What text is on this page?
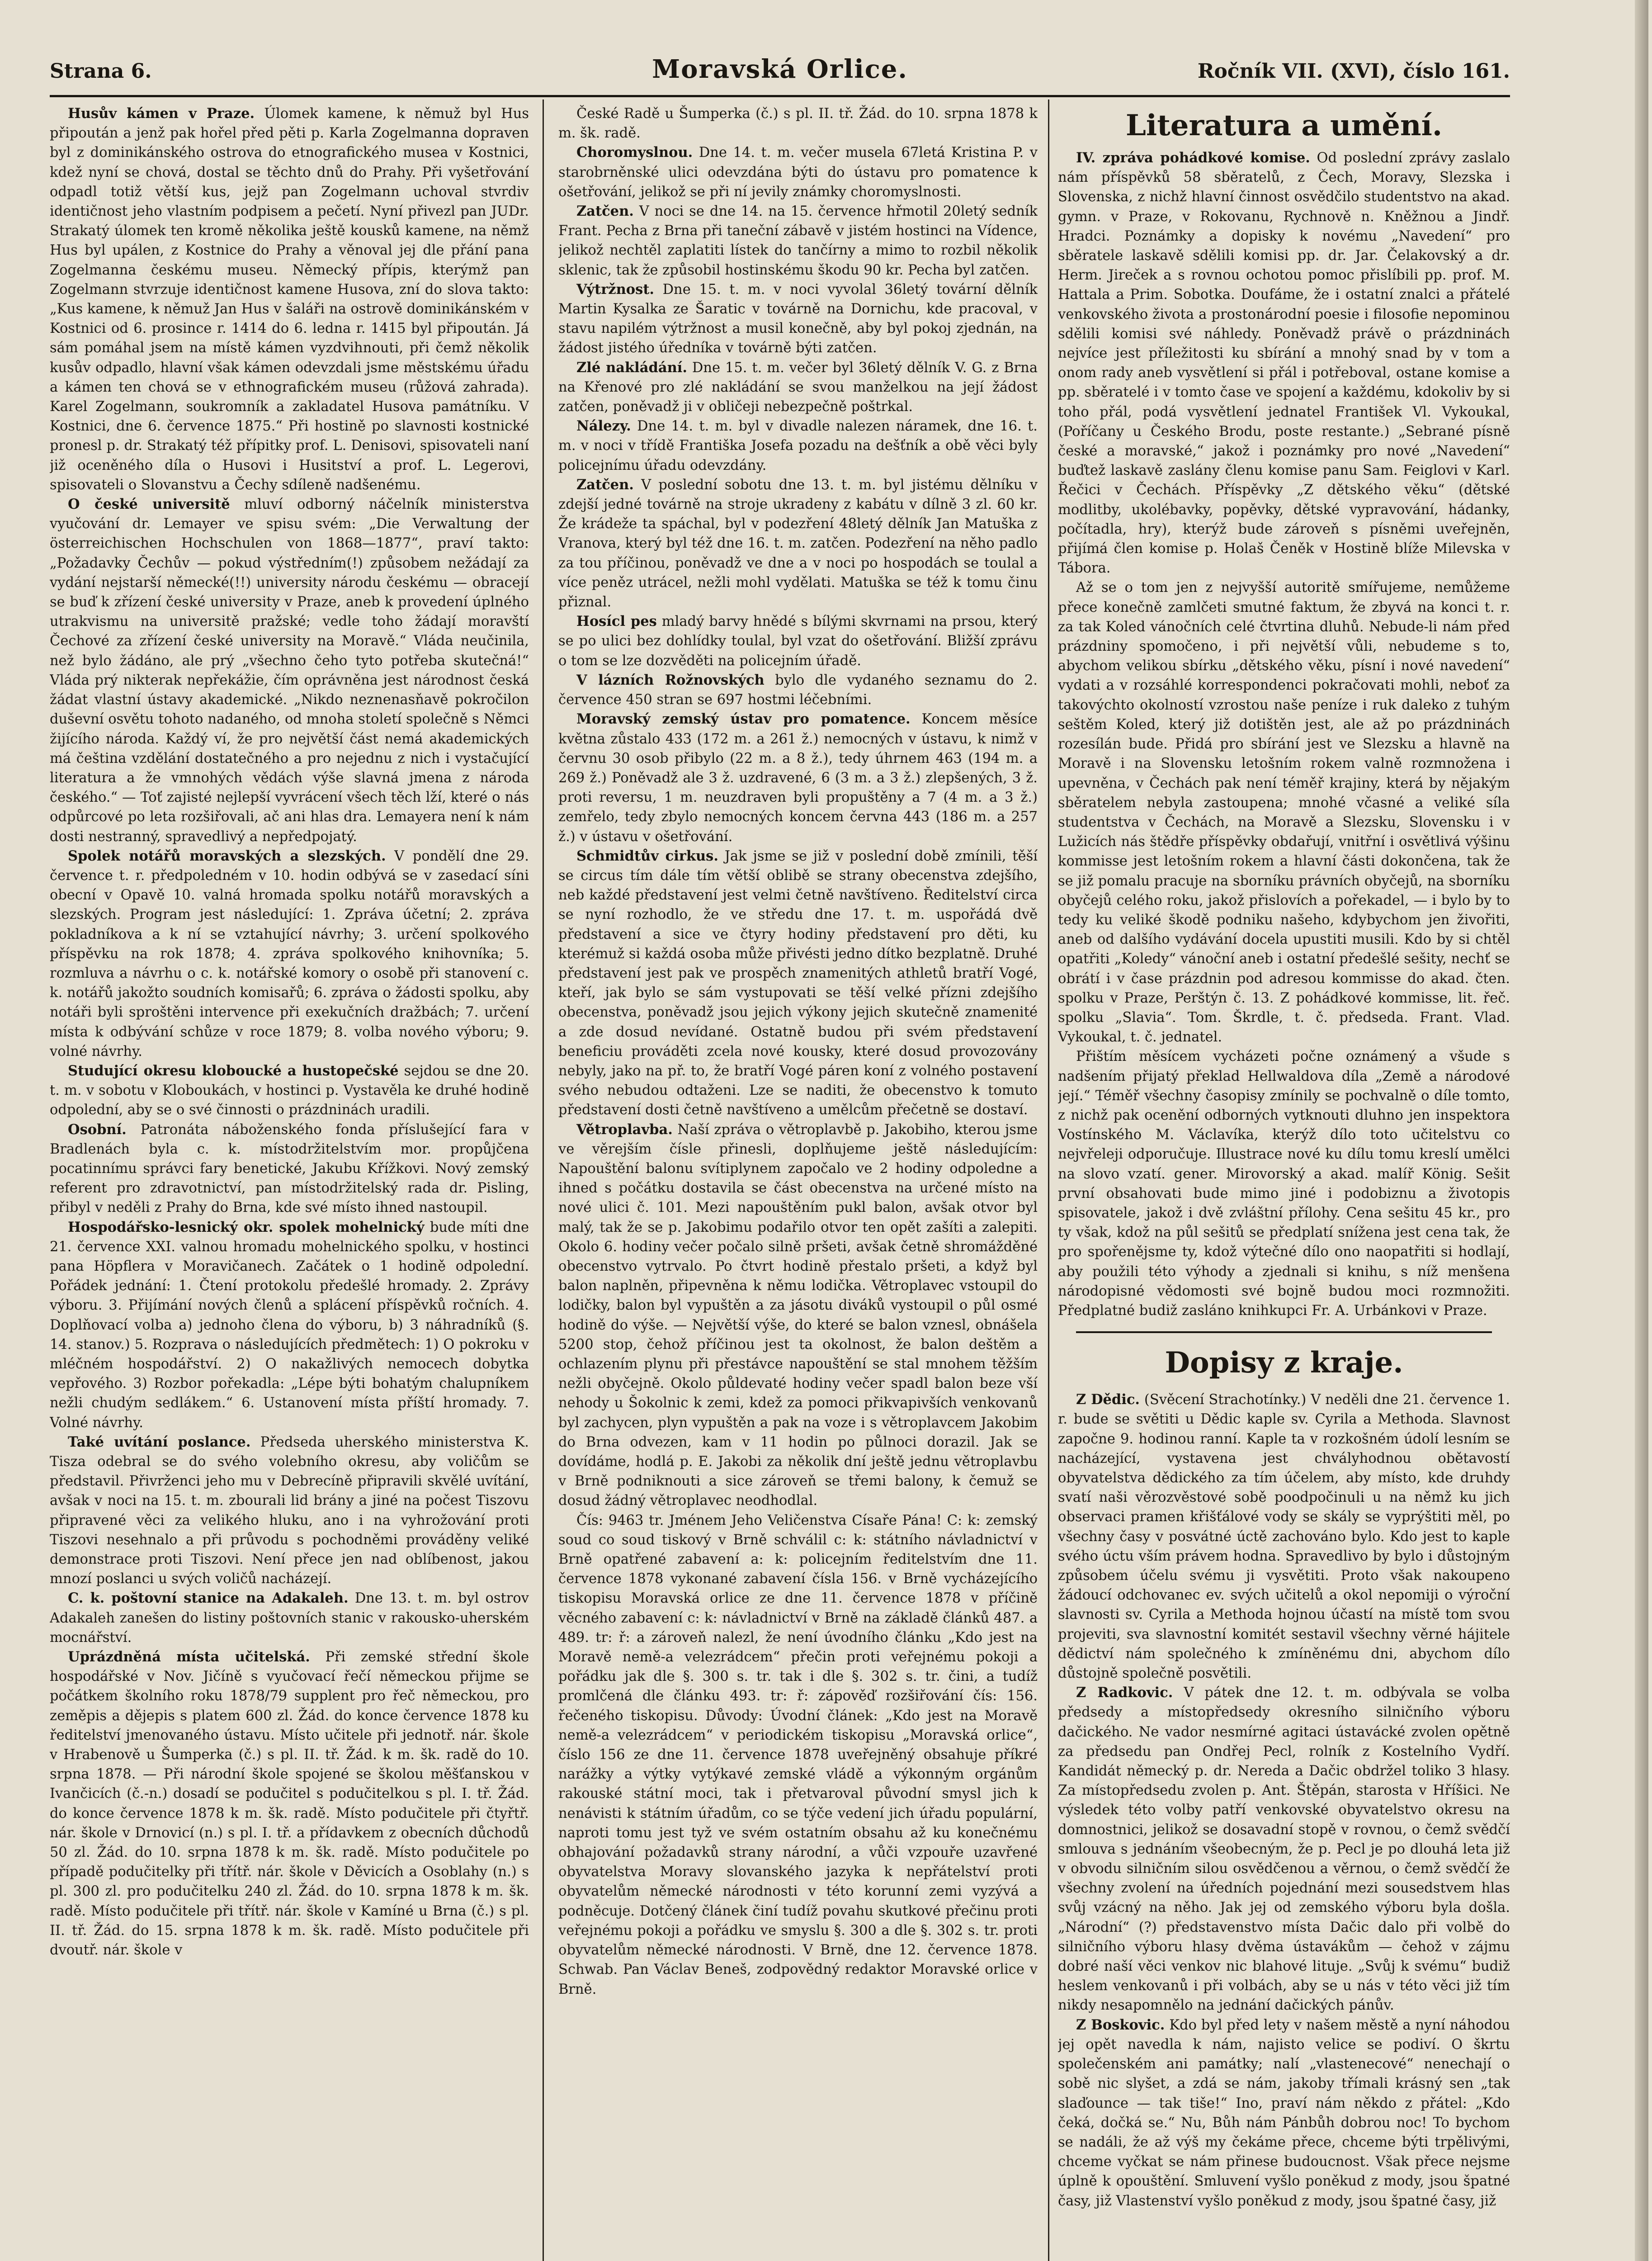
Strana 6.	Moravská Orlice.	Ročník VII. (XVI), číslo 161.

Husův kámen v Praze. Úlomek kamene, k němuž byl Hus připoután a jenž pak hořel před pěti p. Karla Zogelmanna dopraven byl z dominikánského ostrova do etnografického musea v Kostnici, kdež nyní se chová, dostal se těchto dnů do Prahy. Při vyšetřování odpadl totiž větší kus, jejž pan Zogelmann uchoval stvrdiv identičnost jeho vlastním podpisem a pečetí. Nyní přivezl pan JUDr. Strakatý úlomek ten kromě několika ještě kousků kamene, na němž Hus byl upálen, z Kostnice do Prahy a věnoval jej dle přání pana Zogelmanna českému museu. Německý přípis, kterýmž pan Zogelmann stvrzuje identičnost kamene Husova, zní do slova takto: „Kus kamene, k němuž Jan Hus v šaláři na ostrově dominikánském v Kostnici od 6. prosince r. 1414 do 6. ledna r. 1415 byl připoután. Já sám pomáhal jsem na místě kámen vyzdvihnouti, při čemž několik kusův odpadlo, hlavní však kámen odevzdali jsme městskému úřadu a kámen ten chová se v ethnografickém museu (růžová zahrada). Karel Zogelmann, soukromník a zakladatel Husova památníku. V Kostnici, dne 6. července 1875.“ Při hostině po slavnosti kostnické pronesl p. dr. Strakatý též přípitky prof. L. Denisovi, spisovateli naní již oceněného díla o Husovi i Husitství a prof. L. Legerovi, spisovateli o Slovanstvu a Čechy sdíleně nadšenému.

O české universitě mluví odborný náčelník ministerstva vyučování dr. Lemayer ve spisu svém: „Die Verwaltung der österreichischen Hochschulen von 1868—1877“, praví takto: „Požadavky Čechův — pokud výstředním(!) způsobem nežádají za vydání nejstarší německé(!!) university národu českému — obracejí se buď k zřízení české university v Praze, aneb k provedení úplného utrakvismu na universitě pražské; vedle toho žádají moravští Čechové za zřízení české university na Moravě.“ Vláda neučinila, než bylo žádáno, ale prý „všechno čeho tyto potřeba skutečná!“ Vláda prý nikterak nepřekážie, čím oprávněna jest národnost česká žádat vlastní ústavy akademické. „Nikdo neznenasňavě pokročilon duševní osvětu tohoto nadaného, od mnoha století společně s Němci žijícího národa. Každý ví, že pro největší část nemá akademických má čeština vzdělání dostatečného a pro nejednu z nich i vystačující literatura a že vmnohých vědách výše slavná jmena z národa českého.“ — Toť zajisté nejlepší vyvrácení všech těch lží, které o nás odpůrcové po leta rozšiřovali, ač ani hlas dra. Lemayera není k nám dosti nestranný, spravedlivý a nepředpojatý.

Spolek notářů moravských a slezských. V pondělí dne 29. července t. r. předpoledném v 10. hodin odbývá se v zasedací síni obecní v Opavě 10. valná hromada spolku notářů moravských a slezských. Program jest následující: 1. Zpráva účetní; 2. zpráva pokladníkova a k ní se vztahující návrhy; 3. určení spolkového příspěvku na rok 1878; 4. zpráva spolkového knihovníka; 5. rozmluva a návrhu o c. k. notářské komory o osobě při stanovení c. k. notářů jakožto soudních komisařů; 6. zpráva o žádosti spolku, aby notáři byli sproštěni intervence při exekučních dražbách; 7. určení místa k odbývání schůze v roce 1879; 8. volba nového výboru; 9. volné návrhy.

Studující okresu kloboucké a hustopečské sejdou se dne 20. t. m. v sobotu v Kloboukách, v hostinci p. Vystavěla ke druhé hodině odpolední, aby se o své činnosti o prázdninách uradili.

Osobní. Patronáta náboženského fonda příslušející fara v Bradlenách byla c. k. místodržitelstvím mor. propůjčena pocatinnímu správci fary benetické, Jakubu Křížkovi. Nový zemský referent pro zdravotnictví, pan místodržitelský rada dr. Pisling, přibyl v neděli z Prahy do Brna, kde své místo ihned nastoupil.

Hospodářsko-lesnický okr. spolek mohelnický bude míti dne 21. července XXI. valnou hromadu mohelnického spolku, v hostinci pana Höpflera v Moravičanech. Začátek o 1 hodině odpolední. Pořádek jednání: 1. Čtení protokolu předešlé hromady. 2. Zprávy výboru. 3. Přijímání nových členů a splácení příspěvků ročních. 4. Doplňovací volba a) jednoho člena do výboru, b) 3 náhradníků (§. 14. stanov.) 5. Rozprava o následujících předmětech: 1) O pokroku v mléčném hospodářství. 2) O nakažlivých nemocech dobytka vepřového. 3) Rozbor pořekadla: „Lépe býti bohatým chalupníkem nežli chudým sedlákem.“ 6. Ustanovení místa příští hromady. 7. Volné návrhy.

Také uvítání poslance. Předseda uherského ministerstva K. Tisza odebral se do svého volebního okresu, aby voličům se představil. Přivrženci jeho mu v Debrecíně připravili skvělé uvítání, avšak v noci na 15. t. m. zbourali lid brány a jiné na počest Tiszovu připravené věci za velikého hluku, ano i na vyhrožování proti Tiszovi nesehnalo a při průvodu s pochodněmi prováděny veliké demonstrace proti Tiszovi. Není přece jen nad oblíbenost, jakou mnozí poslanci u svých voličů nacházejí.

C. k. poštovní stanice na Adakaleh. Dne 13. t. m. byl ostrov Adakaleh zanešen do listiny poštovních stanic v rakousko-uherském mocnářství.

Uprázdněná místa učitelská. Při zemské střední škole hospodářské v Nov. Jičíně s vyučovací řečí německou přijme se počátkem školního roku 1878/79 supplent pro řeč německou, pro zeměpis a dějepis s platem 600 zl. Žád. do konce července 1878 ku ředitelství jmenovaného ústavu. Místo učitele při jednotř. nár. škole v Hrabenově u Šumperka (č.) s pl. II. tř. Žád. k m. šk. radě do 10. srpna 1878. — Při národní škole spojené se školou měšťanskou v Ivančicích (č.-n.) dosadí se podučitel s podučitelkou s pl. I. tř. Žád. do konce července 1878 k m. šk. radě. Místo podučitele při čtyřtř. nár. škole v Drnovicí (n.) s pl. I. tř. a přídavkem z obecních důchodů 50 zl. Žád. do 10. srpna 1878 k m. šk. radě. Místo podučitele po případě podučitelky při třítř. nár. škole v Děvicích a Osoblahy (n.) s pl. 300 zl. pro podučitelku 240 zl. Žád. do 10. srpna 1878 k m. šk. radě. Místo podučitele při třítř. nár. škole v Kamíné u Brna (č.) s pl. II. tř. Žád. do 15. srpna 1878 k m. šk. radě. Místo podučitele při dvoutř. nár. škole v

České Radě u Šumperka (č.) s pl. II. tř. Žád. do 10. srpna 1878 k m. šk. radě.

Choromyslnou. Dne 14. t. m. večer musela 67letá Kristina P. v starobrněnské ulici odevzdána býti do ústavu pro pomatence k ošetřování, jelikož se při ní jevily známky choromyslnosti.

Zatčen. V noci se dne 14. na 15. července hřmotil 20letý sedník Frant. Pecha z Brna při taneční zábavě v jistém hostinci na Vídence, jelikož nechtěl zaplatiti lístek do tančírny a mimo to rozbil několik sklenic, tak že způsobil hostinskému škodu 90 kr. Pecha byl zatčen.

Výtržnost. Dne 15. t. m. v noci vyvolal 36letý tovární dělník Martin Kysalka ze Šaratic v továrně na Dornichu, kde pracoval, v stavu napilém výtržnost a musil konečně, aby byl pokoj zjednán, na žádost jistého úředníka v továrně býti zatčen.

Zlé nakládání. Dne 15. t. m. večer byl 36letý dělník V. G. z Brna na Křenové pro zlé nakládání se svou manželkou na její žádost zatčen, poněvadž ji v obličeji nebezpečně poštrkal.

Nálezy. Dne 14. t. m. byl v divadle nalezen náramek, dne 16. t. m. v noci v třídě Františka Josefa pozadu na dešťník a obě věci byly policejnímu úřadu odevzdány.

Zatčen. V poslední sobotu dne 13. t. m. byl jistému dělníku v zdejší jedné továrně na stroje ukradeny z kabátu v dílně 3 zl. 60 kr. Že krádeže ta spáchal, byl v podezření 48letý dělník Jan Matuška z Vranova, který byl též dne 16. t. m. zatčen. Podezření na něho padlo za tou příčinou, poněvadž ve dne a v noci po hospodách se toulal a více peněz utrácel, nežli mohl vydělati. Matuška se též k tomu činu přiznal.

Hosícl pes mladý barvy hnědé s bílými skvrnami na prsou, který se po ulici bez dohlídky toulal, byl vzat do ošetřování. Bližší zprávu o tom se lze dozvěděti na policejním úřadě.

V lázních Rožnovských bylo dle vydaného seznamu do 2. července 450 stran se 697 hostmi léčebními.

Moravský zemský ústav pro pomatence. Koncem měsíce května zůstalo 433 (172 m. a 261 ž.) nemocných v ústavu, k nimž v červnu 30 osob přibylo (22 m. a 8 ž.), tedy úhrnem 463 (194 m. a 269 ž.) Poněvadž ale 3 ž. uzdravené, 6 (3 m. a 3 ž.) zlepšených, 3 ž. proti reversu, 1 m. neuzdraven byli propuštěny a 7 (4 m. a 3 ž.) zemřelo, tedy zbylo nemocných koncem června 443 (186 m. a 257 ž.) v ústavu v ošetřování.

Schmidtův cirkus. Jak jsme se již v poslední době zmínili, těší se circus tím dále tím větší oblibě se strany obecenstva zdejšího, neb každé představení jest velmi četně navštíveno. Ředitelství circa se nyní rozhodlo, že ve středu dne 17. t. m. uspořádá dvě představení a sice ve čtyry hodiny představení pro děti, ku kterémuž si každá osoba může přivésti jedno dítko bezplatně. Druhé představení jest pak ve prospěch znamenitých athletů bratří Vogé, kteří, jak bylo se sám vystupovati se těší velké přízni zdejšího obecenstva, poněvadž jsou jejich výkony jejich skutečně znamenité a zde dosud nevídané. Ostatně budou při svém představení beneficiu prováděti zcela nové kousky, které dosud provozovány nebyly, jako na př. to, že bratří Vogé páren koní z volného postavení svého nebudou odtaženi. Lze se naditi, že obecenstvo k tomuto představení dosti četně navštíveno a umělcům přečetně se dostaví.

Větroplavba. Naší zpráva o větroplavbě p. Jakobiho, kterou jsme ve věrejším čísle přinesli, doplňujeme ještě následujícím: Napouštění balonu svítiplynem započalo ve 2 hodiny odpoledne a ihned s počátku dostavila se část obecenstva na určené místo na nové ulici č. 101. Mezi napouštěním pukl balon, avšak otvor byl malý, tak že se p. Jakobimu podařilo otvor ten opět zašíti a zalepiti. Okolo 6. hodiny večer počalo silně pršeti, avšak četně shromážděné obecenstvo vytrvalo. Po čtvrt hodině přestalo pršeti, a když byl balon naplněn, připevněna k němu lodička. Větroplavec vstoupil do lodičky, balon byl vypuštěn a za jásotu diváků vystoupil o půl osmé hodině do výše. — Největší výše, do které se balon vznesl, obnášela 5200 stop, čehož příčinou jest ta okolnost, že balon deštěm a ochlazením plynu při přestávce napouštění se stal mnohem těžším nežli obyčejně. Okolo půldevaté hodiny večer spadl balon beze vší nehody u Šokolnic k zemi, kdež za pomoci přikvapivších venkovanů byl zachycen, plyn vypuštěn a pak na voze i s větroplavcem Jakobim do Brna odvezen, kam v 11 hodin po půlnoci dorazil. Jak se dovídáme, hodlá p. E. Jakobi za několik dní ještě jednu větroplavbu v Brně podniknouti a sice zároveň se třemi balony, k čemuž se dosud žádný větroplavec neodhodlal.

Čís: 9463 tr. Jménem Jeho Veličenstva Císaře Pána! C: k: zemský soud co soud tiskový v Brně schválil c: k: státního návladnictví v Brně opatřené zabavení a: k: policejním ředitelstvím dne 11. července 1878 vykonané zabavení čísla 156. v Brně vycházejícího tiskopisu Moravská orlice ze dne 11. července 1878 v příčině věcného zabavení c: k: návladnictví v Brně na základě článků 487. a 489. tr: ř: a zároveň nalezl, že není úvodního článku „Kdo jest na Moravě nemě-a velezrádcem“ přečin proti veřejnému pokoji a pořádku jak dle §. 300 s. tr. tak i dle §. 302 s. tr. čini, a tudíž promlčená dle článku 493. tr: ř: zápověď rozšiřování čís: 156. řečeného tiskopisu. Důvody: Úvodní článek: „Kdo jest na Moravě nemě-a velezrádcem“ v periodickém tiskopisu „Moravská orlice“, číslo 156 ze dne 11. července 1878 uveřejněný obsahuje příkré narážky a výtky vytýkavé zemské vládě a výkonným orgánům rakouské státní moci, tak i přetvaroval původní smysl jich k nenávisti k státním úřadům, co se týče vedení jich úřadu populární, naproti tomu jest tyž ve svém ostatním obsahu až ku konečnému obhajování požadavků strany národní, a vůči vzpouře uzavřené obyvatelstva Moravy slovanského jazyka k nepřátelství proti obyvatelům německé národnosti v této korunní zemi vyzývá a podněcuje. Dotčený článek činí tudíž povahu skutkové přečinu proti veřejnému pokoji a pořádku ve smyslu §. 300 a dle §. 302 s. tr. proti obyvatelům německé národnosti. V Brně, dne 12. července 1878. Schwab. Pan Václav Beneš, zodpovědný redaktor Moravské orlice v Brně.

Literatura a umění.

IV. zpráva pohádkové komise. Od poslední zprávy zaslalo nám příspěvků 58 sběratelů, z Čech, Moravy, Slezska i Slovenska, z nichž hlavní činnost osvědčilo studentstvo na akad. gymn. v Praze, v Rokovanu, Rychnově n. Kněžnou a Jindř. Hradci. Poznámky a dopisky k novému „Navedení“ pro sběratele laskavě sdělili komisi pp. dr. Jar. Čelakovský a dr. Herm. Jireček a s rovnou ochotou pomoc přislíbili pp. prof. M. Hattala a Prim. Sobotka. Doufáme, že i ostatní znalci a přátelé venkovského života a prostonárodní poesie i filosofie nepominou sdělili komisi své náhledy. Poněvadž právě o prázdninách nejvíce jest příležitosti ku sbírání a mnohý snad by v tom a onom rady aneb vysvětlení si přál i potřeboval, ostane komise a pp. sběratelé i v tomto čase ve spojení a každému, kdokoliv by si toho přál, podá vysvětlení jednatel František Vl. Vykoukal, (Poříčany u Českého Brodu, poste restante.) „Sebrané písně české a moravské,“ jakož i poznámky pro nové „Navedení“ buďtež laskavě zaslány členu komise panu Sam. Feiglovi v Karl. Řečici v Čechách. Příspěvky „Z dětského věku“ (dětské modlitby, ukolébavky, popěvky, dětské vypravování, hádanky, počítadla, hry), kterýž bude zároveň s písněmi uveřejněn, přijímá člen komise p. Holaš Čeněk v Hostině blíže Milevska v Tábora.

Až se o tom jen z nejvyšší autoritě smířujeme, nemůžeme přece konečně zamlčeti smutné faktum, že zbyvá na konci t. r. za tak Koled vánočních celé čtvrtina dluhů. Nebude-li nám před prázdniny spomočeno, i při největší vůli, nebudeme s to, abychom velikou sbírku „dětského věku, písní i nové navedení“ vydati a v rozsáhlé korrespondenci pokračovati mohli, neboť za takovýchto okolností vzrostou naše peníze i ruk daleko z tuhým seštěm Koled, který již dotištěn jest, ale až po prázdninách rozesílán bude. Přidá pro sbírání jest ve Slezsku a hlavně na Moravě i na Slovensku letošním rokem valně rozmnožena i upevněna, v Čechách pak není téměř krajiny, která by nějakým sběratelem nebyla zastoupena; mnohé včasné a veliké síla studentstva v Čechách, na Moravě a Slezsku, Slovensku i v Lužicích nás štědře příspěvky obdařují, vnitřní i osvětlivá výšinu kommisse jest letošním rokem a hlavní části dokončena, tak že se již pomalu pracuje na sborníku právních obyčejů, na sborníku obyčejů celého roku, jakož přislovích a pořekadel, — i bylo by to tedy ku veliké škodě podniku našeho, kdybychom jen živořiti, aneb od dalšího vydávání docela upustiti musili. Kdo by si chtěl opatřiti „Koledy“ vánoční aneb i ostatní předešlé sešity, nechť se obrátí i v čase prázdnin pod adresou kommisse do akad. čten. spolku v Praze, Perštýn č. 13. Z pohádkové kommisse, lit. řeč. spolku „Slavia“. Tom. Škrdle, t. č. předseda. Frant. Vlad. Vykoukal, t. č. jednatel.

Přištím měsícem vycházeti počne oznámený a všude s nadšením přijatý překlad Hellwaldova díla „Země a národové její.“ Téměř všechny časopisy zmínily se pochvalně o díle tomto, z nichž pak ocenění odborných vytknouti dluhno jen inspektora Vostínského M. Václavíka, kterýž dílo toto učitelstvu co nejvřeleji odporučuje. Illustrace nové ku dílu tomu kreslí umělci na slovo vzatí. gener. Mirovorský a akad. malíř König. Sešit první obsahovati bude mimo jiné i podobiznu a životopis spisovatele, jakož i dvě zvláštní přílohy. Cena sešitu 45 kr., pro ty však, kdož na půl sešitů se předplatí snížena jest cena tak, že pro spořenějsme ty, kdož výtečné dílo ono naopatřiti si hodlají, aby použili této výhody a zjednali si knihu, s níž menšena národopisné vědomosti své bojně budou moci rozmnožiti. Předplatné budiž zasláno knihkupci Fr. A. Urbánkovi v Praze.

Dopisy z kraje.

Z Dědic. (Svěcení Strachotínky.) V neděli dne 21. července 1. r. bude se světiti u Dědic kaple sv. Cyrila a Methoda. Slavnost započne 9. hodinou ranní. Kaple ta v rozkošném údolí lesním se nacházející, vystavena jest chvályhodnou obětavostí obyvatelstva dědického za tím účelem, aby místo, kde druhdy svatí naši věrozvěstové sobě poodpočinuli u na němž ku jich observaci pramen křišťálové vody se skály se vyprýštiti měl, po všechny časy v posvátné úctě zachováno bylo. Kdo jest to kaple svého úctu vším právem hodna. Spravedlivo by bylo i důstojným způsobem účelu svému ji vysvětiti. Proto však nakoupeno žádoucí odchovanec ev. svých učitelů a okol nepomiji o výroční slavnosti sv. Cyrila a Methoda hojnou účastí na místě tom svou projeviti, sva slavnostní komitét sestavil všechny věrné hájitele dědictví nám společného k zmíněnému dni, abychom dílo důstojně společně posvětili.

Z Radkovic. V pátek dne 12. t. m. odbývala se volba předsedy a místopředsedy okresního silničního výboru dačického. Ne vador nesmírné agitaci ústavácké zvolen opětně za předsedu pan Ondřej Pecl, rolník z Kostelního Vydří. Kandidát německý p. dr. Nereda a Dačic obdržel toliko 3 hlasy. Za místopředsedu zvolen p. Ant. Štěpán, starosta v Hříšici. Ne výsledek této volby patří venkovské obyvatelstvo okresu na domnostnici, jelikož se dosavadní stopě v rovnou, o čemž svědčí smlouva s jednáním všeobecným, že p. Pecl je po dlouhá leta již v obvodu silničním silou osvědčenou a věrnou, o čemž svědčí že všechny zvolení na úředních pojednání mezi sousedstvem hlas svůj vzácný na něho. Jak jej od zemského výboru byla došla. „Národní“ (?) představenstvo místa Dačic dalo při volbě do silničního výboru hlasy dvěma ústavákům — čehož v zájmu dobré naší věci venkov nic blahové lituje. „Svůj k svému“ budiž heslem venkovanů i při volbách, aby se u nás v této věci již tím nikdy nesapomnělo na jednání dačických pánův.

Z Boskovic. Kdo byl před lety v našem městě a nyní náhodou jej opět navedla k nám, najisto velice se podiví. O škrtu společenském ani památky; nalí „vlastenecové“ nenechají o sobě nic slyšet, a zdá se nám, jakoby třímali krásný sen „tak slaďounce — tak tiše!“ Ino, praví nám někdo z přátel: „Kdo čeká, dočká se.“ Nu, Bůh nám Pánbůh dobrou noc! To bychom se nadáli, že až výš my čekáme přece, chceme býti trpělivými, chceme vyčkat se nám přinese budoucnost. Však přece nejsme úplně k opouštění. Smluvení vyšlo poněkud z mody, jsou špatné časy, již Vlastenství vyšlo poněkud z mody, jsou špatné časy, již
